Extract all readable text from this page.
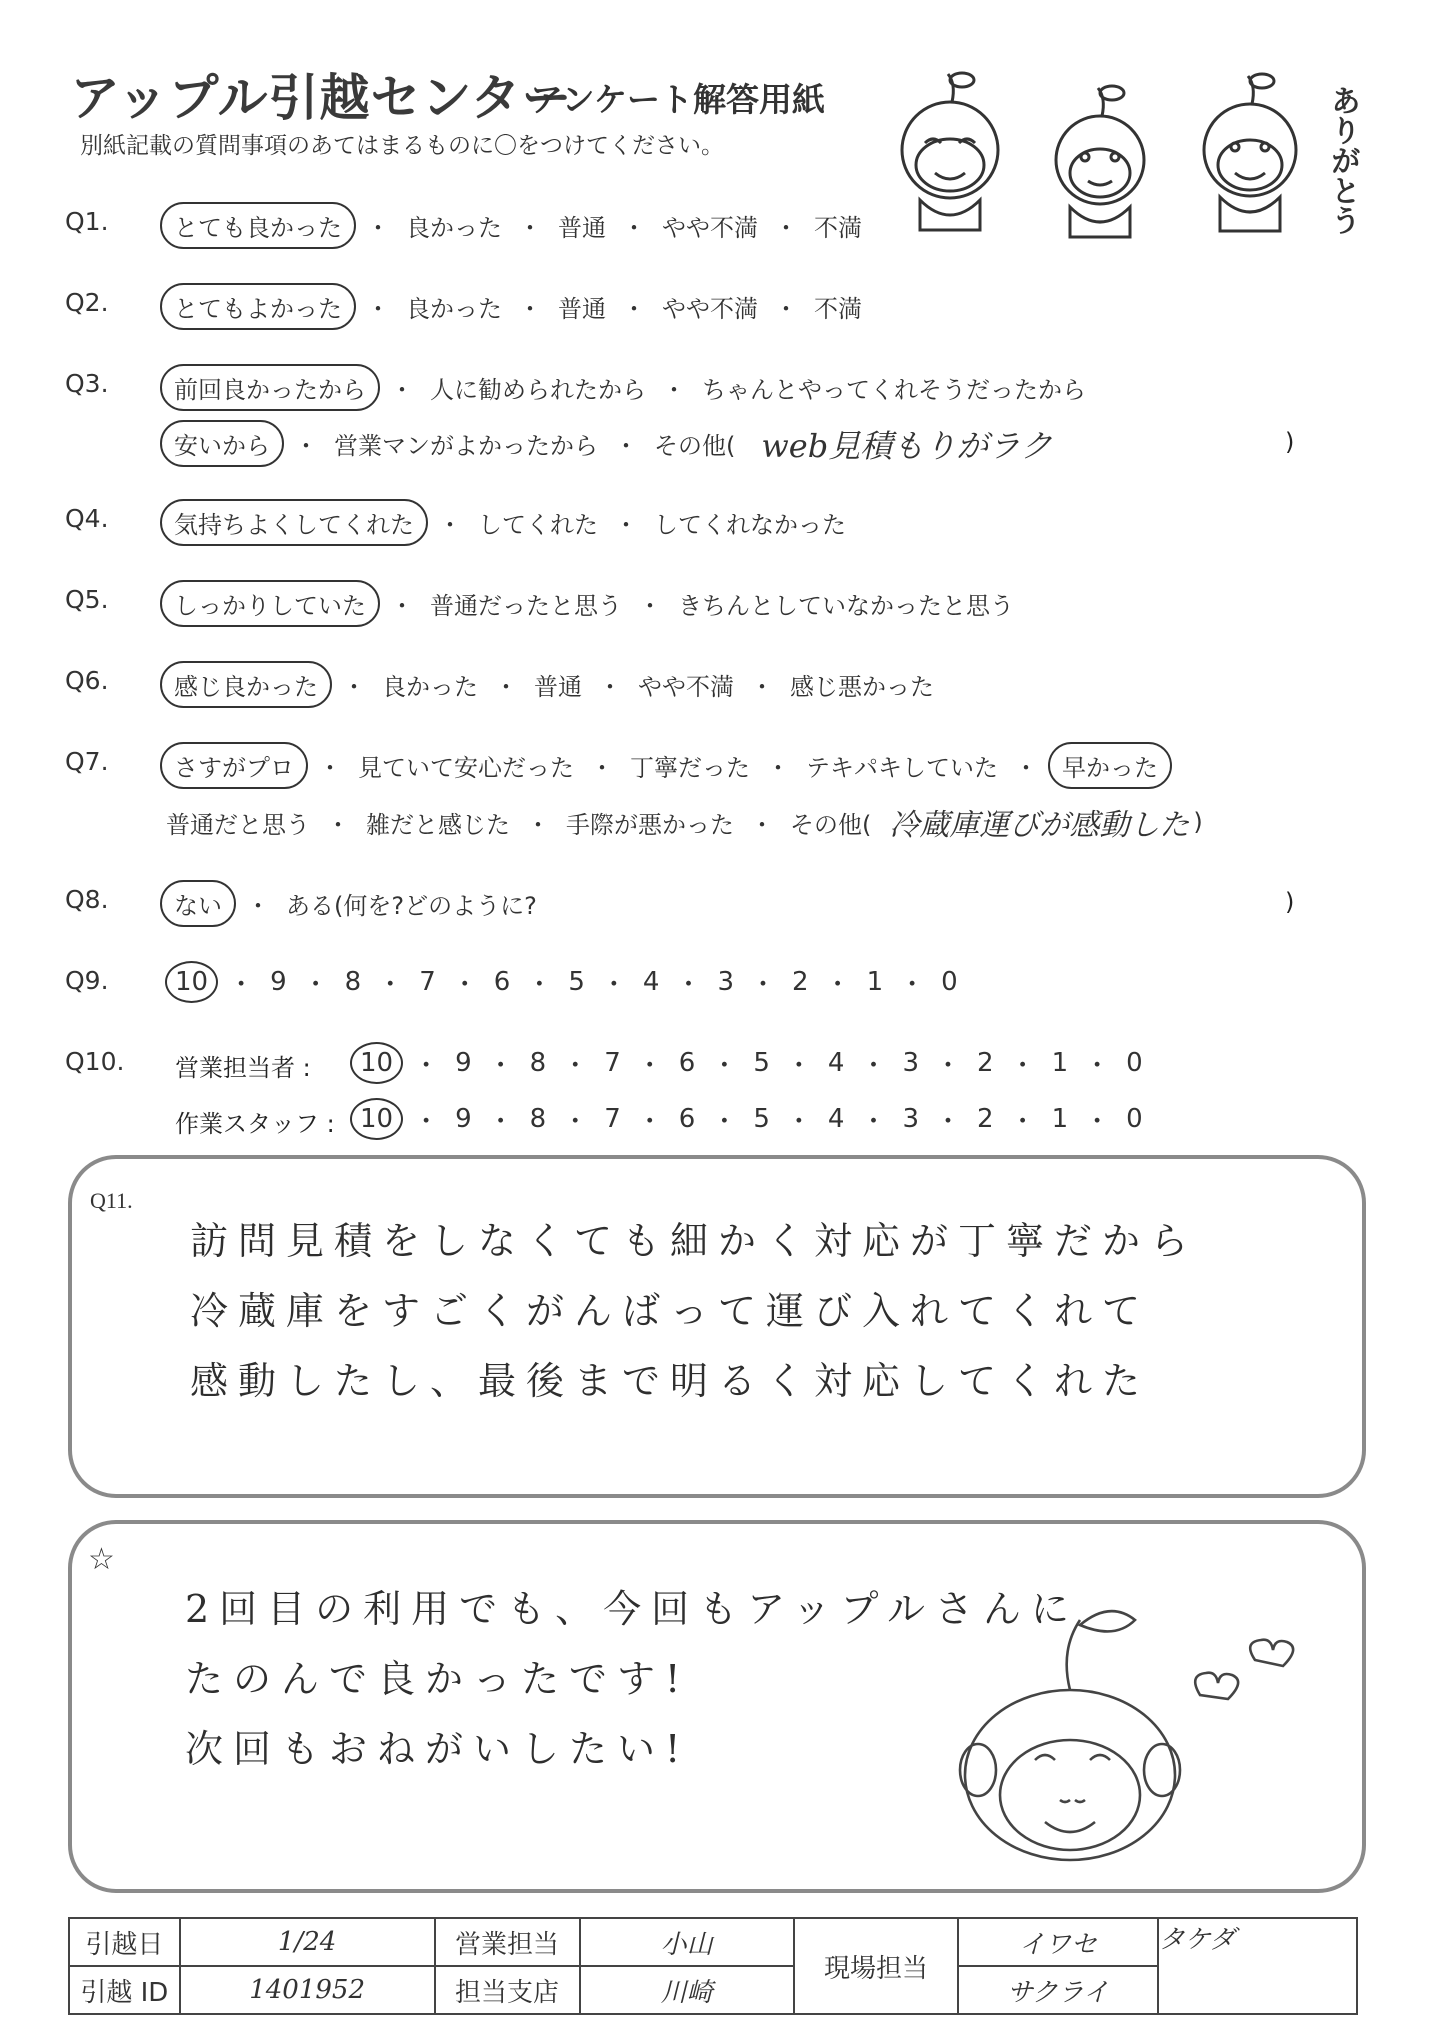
アップル引越センター
アンケート解答用紙
別紙記載の質問事項のあてはまるものに〇をつけてください。	ありがとう
Q1.	とても良かった	・ 良かった ・ 普通 ・ やや不満 ・ 不満
Q2.	とてもよかった	・ 良かった ・ 普通 ・ やや不満 ・ 不満
Q3.	前回良かったから	・ 人に勧められたから ・ ちゃんとやってくれそうだったから
安いから	・ 営業マンがよかったから ・ その他( web見積もりがラク	)
Q4.	気持ちよくしてくれた	・ してくれた ・ してくれなかった
Q5.	しっかりしていた	・ 普通だったと思う ・ きちんとしていなかったと思う
Q6.	感じ良かった	・ 良かった ・ 普通 ・ やや不満 ・ 感じ悪かった
Q7.	さすがプロ	・ 見ていて安心だった ・ 丁寧だった ・ テキパキしていた ・	早かった
普通だと思う ・ 雑だと感じた ・ 手際が悪かった ・ その他( 冷蔵庫運びが感動した )
Q8.	ない	・ ある(何を?どのように?	)
Q9.	10 ・ 9 ・ 8 ・ 7 ・ 6 ・ 5 ・ 4 ・ 3 ・ 2 ・ 1 ・ 0
Q10. 営業担当者 :	10 ・ 9 ・ 8 ・ 7 ・ 6 ・ 5 ・ 4 ・ 3 ・ 2 ・ 1 ・ 0
作業スタッフ : 10 ・ 9 ・ 8 ・ 7 ・ 6 ・ 5 ・ 4 ・ 3 ・ 2 ・ 1 ・ 0
Q11.
訪問見積をしなくても細かく対応が丁寧だから
冷蔵庫をすごくがんばって運び入れてくれて
感動したし、最後まで明るく対応してくれた
☆
2回目の利用でも、今回もアップルさんに
たのんで良かったです!
次回もおねがいしたい!
引越日	1/24	営業担当	小山	現場担当	イワセ	タケダ
引越 ID	1401952	担当支店	川崎		サクライ	
